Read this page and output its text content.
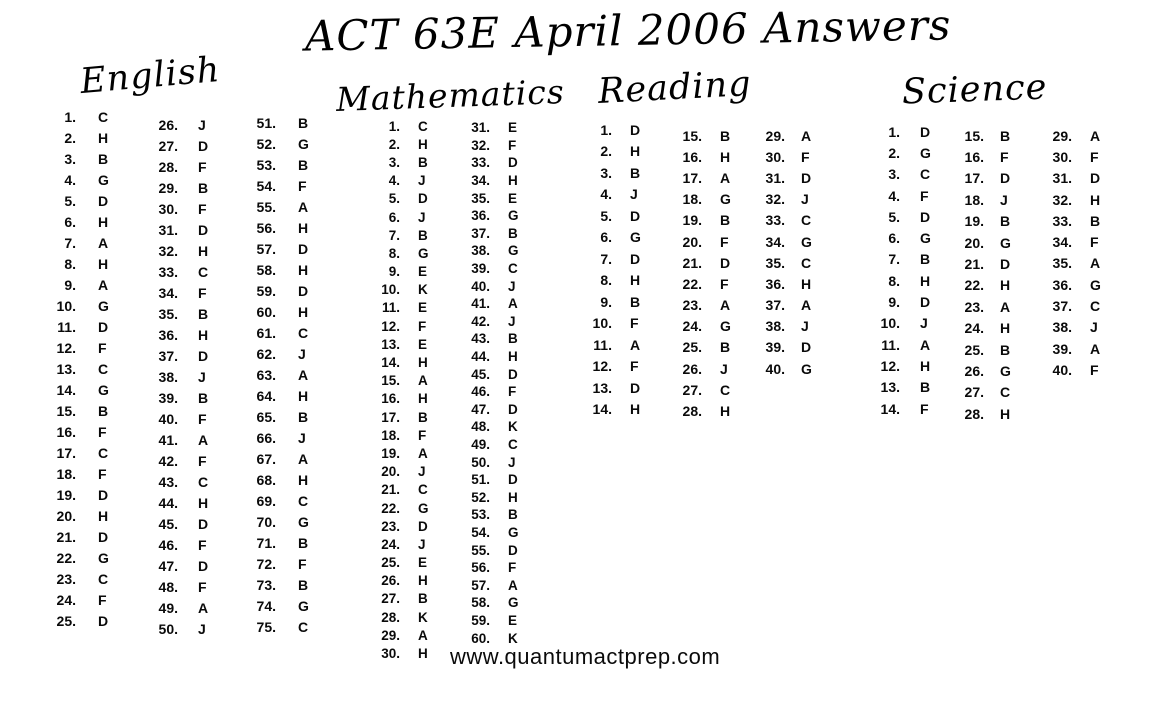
ACT 63E April 2006 Answers
English	Mathematics Reading	Science
1. C
2. H
3. B
4. G
5. D
6. H
7. A
8. H
9. A
10. G
11. D
12. F
13. C
14. G
15. B
16. F
17. C
18. F
19. D
20. H
21. D
22. G
23. C
24. F
25. D
26. J
27. D
28. F
29. B
30. F
31. D
32. H
33. C
34. F
35. B
36. H
37. D
38. J
39. B
40. F
41. A
42. F
43. C
44. H
45. D
46. F
47. D
48. F
49. A
50. J
51. B
52. G
53. B
54. F
55. A
56. H
57. D
58. H
59. D
60. H
61. C
62. J
63. A
64. H
65. B
66. J
67. A
68. H
69. C
70. G
71. B
72. F
73. B
74. G
75. C
1. C
2. H
3. B
4. J
5. D
6. J
7. B
8. G
9. E
10. K
11. E
12. F
13. E
14. H
15. A
16. H
17. B
18. F
19. A
20. J
21. C
22. G
23. D
24. J
25. E
26. H
27. B
28. K
29. A
30. H
31. E
32. F
33. D
34. H
35. E
36. G
37. B
38. G
39. C
40. J
41. A
42. J
43. B
44. H
45. D
46. F
47. D
48. K
49. C
50. J
51. D
52. H
53. B
54. G
55. D
56. F
57. A
58. G
59. E
60. K
1. D
2. H
3. B
4. J
5. D
6. G
7. D
8. H
9. B
10. F
11. A
12. F
13. D
14. H
15. B
16. H
17. A
18. G
19. B
20. F
21. D
22. F
23. A
24. G
25. B
26. J
27. C
28. H
29. A
30. F
31. D
32. J
33. C
34. G
35. C
36. H
37. A
38. J
39. D
40. G
1. D
2. G
3. C
4. F
5. D
6. G
7. B
8. H
9. D
10. J
11. A
12. H
13. B
14. F
15. B
16. F
17. D
18. J
19. B
20. G
21. D
22. H
23. A
24. H
25. B
26. G
27. C
28. H
29. A
30. F
31. D
32. H
33. B
34. F
35. A
36. G
37. C
38. J
39. A
40. F
www.quantumactprep.com
